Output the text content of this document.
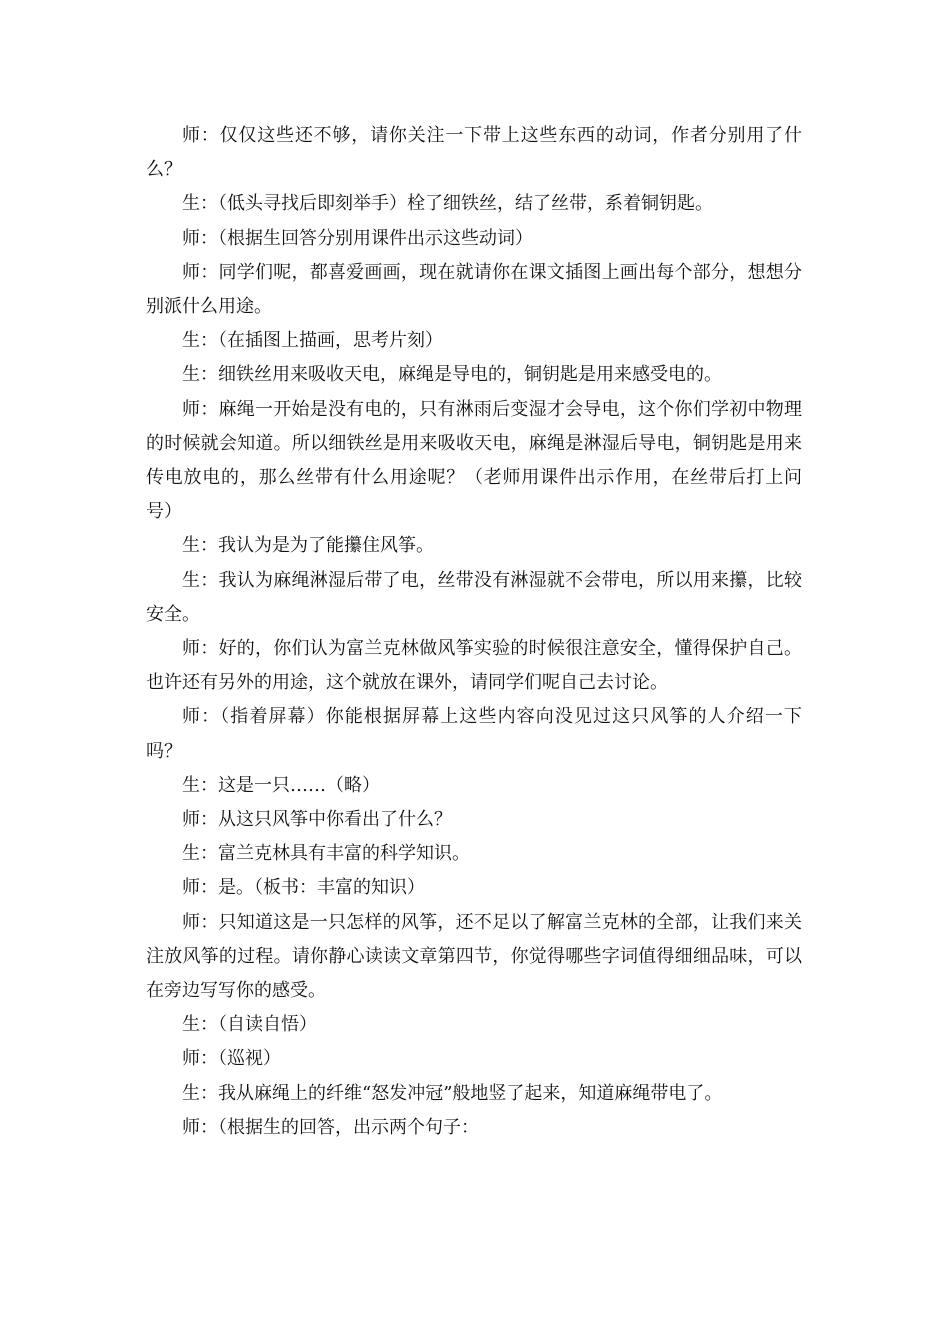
师：仅仅这些还不够，请你关注一下带上这些东西的动词，作者分别用了什么？

生：（低头寻找后即刻举手）栓了细铁丝，结了丝带，系着铜钥匙。

师：（根据生回答分别用课件出示这些动词）

师：同学们呢，都喜爱画画，现在就请你在课文插图上画出每个部分，想想分别派什么用途。

生：（在插图上描画，思考片刻）

生：细铁丝用来吸收天电，麻绳是导电的，铜钥匙是用来感受电的。

师：麻绳一开始是没有电的，只有淋雨后变湿才会导电，这个你们学初中物理的时候就会知道。所以细铁丝是用来吸收天电，麻绳是淋湿后导电，铜钥匙是用来传电放电的，那么丝带有什么用途呢？（老师用课件出示作用，在丝带后打上问号）

生：我认为是为了能攥住风筝。

生：我认为麻绳淋湿后带了电，丝带没有淋湿就不会带电，所以用来攥，比较安全。

师：好的，你们认为富兰克林做风筝实验的时候很注意安全，懂得保护自己。也许还有另外的用途，这个就放在课外，请同学们呢自己去讨论。

师：（指着屏幕）你能根据屏幕上这些内容向没见过这只风筝的人介绍一下吗？

生：这是一只……（略）

师：从这只风筝中你看出了什么？

生：富兰克林具有丰富的科学知识。

师：是。（板书：丰富的知识）

师：只知道这是一只怎样的风筝，还不足以了解富兰克林的全部，让我们来关注放风筝的过程。请你静心读读文章第四节，你觉得哪些字词值得细细品味，可以在旁边写写你的感受。

生：（自读自悟）

师：（巡视）

生：我从麻绳上的纤维“怒发冲冠”般地竖了起来，知道麻绳带电了。

师：（根据生的回答，出示两个句子：
